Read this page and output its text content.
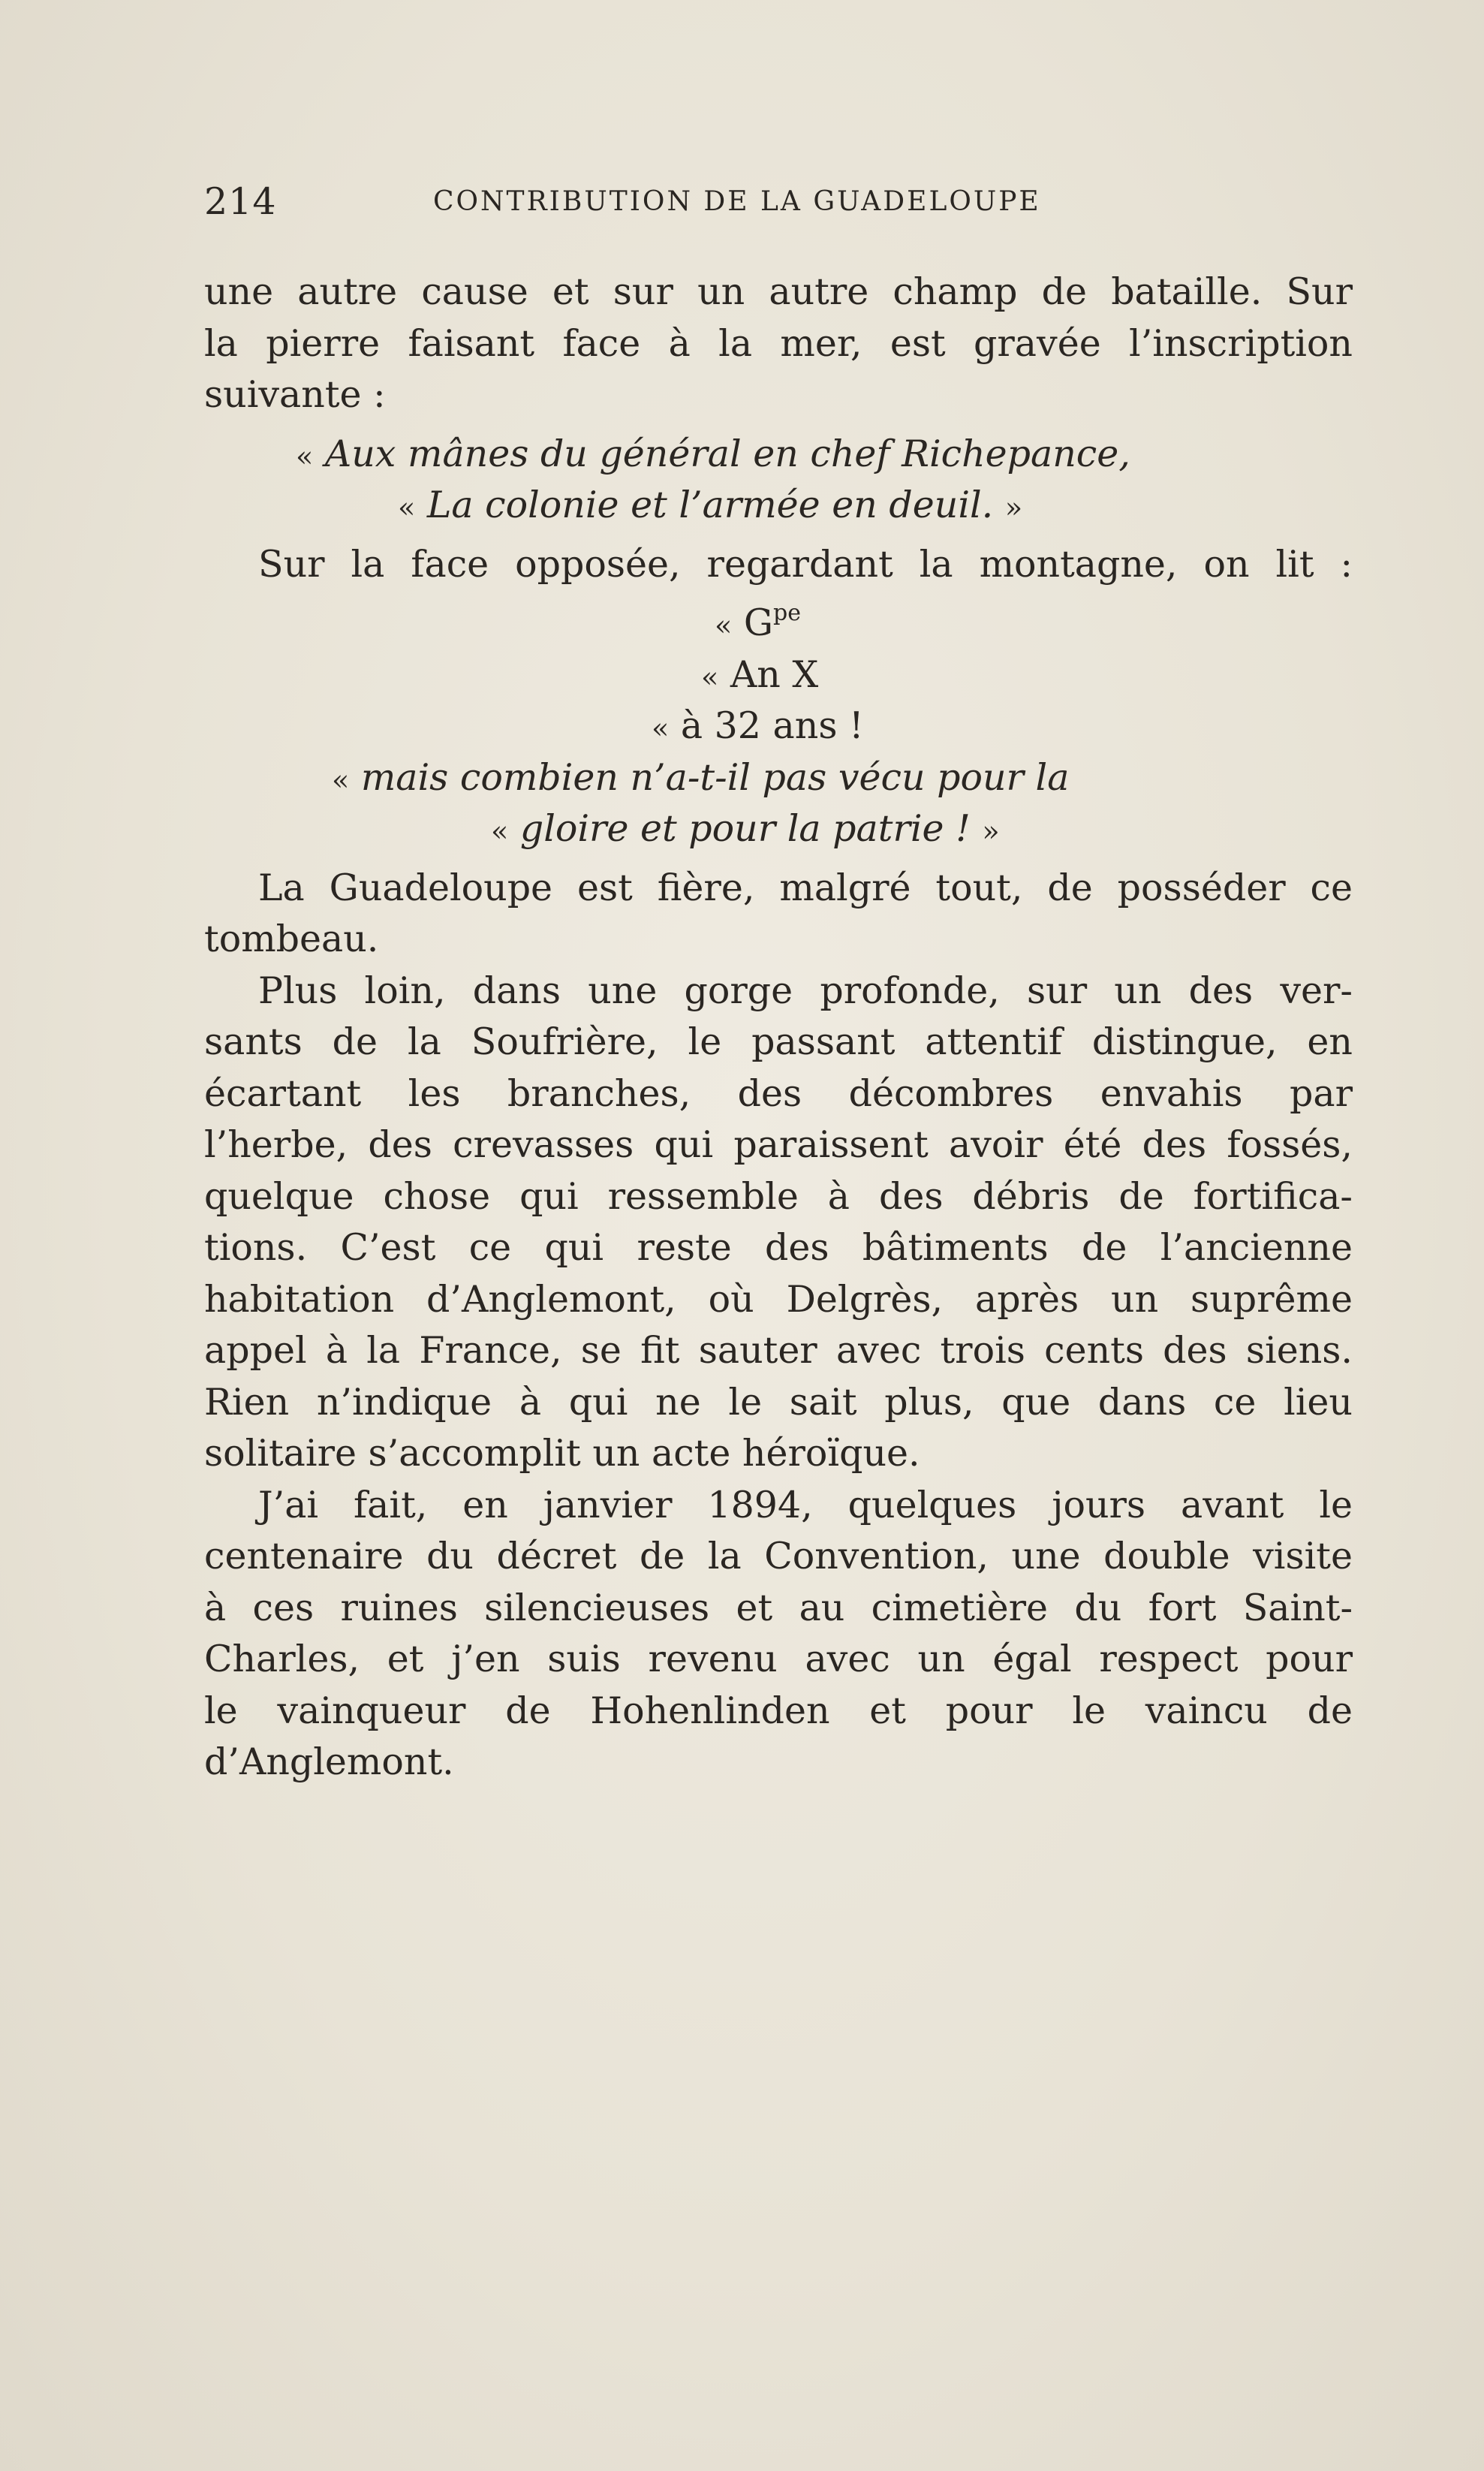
214	CONTRIBUTION DE LA GUADELOUPE
une autre cause et sur un autre champ de bataille. Sur
la pierre faisant face à la mer, est gravée l’inscription
suivante :
« Aux mânes du général en chef Richepance,
« La colonie et l’armée en deuil. »
Sur la face opposée, regardant la montagne, on lit :
« $G^{pe}$
« An X
« à 32 ans !
« mais combien n’a-t-il pas vécu pour la
« gloire et pour la patrie ! »
La Guadeloupe est fière, malgré tout, de posséder ce
tombeau.
Plus loin, dans une gorge profonde, sur un des ver-
sants de la Soufrière, le passant attentif distingue, en
écartant les branches, des décombres envahis par
l’herbe, des crevasses qui paraissent avoir été des fossés,
quelque chose qui ressemble à des débris de fortifica-
tions. C’est ce qui reste des bâtiments de l’ancienne
habitation d’Anglemont, où Delgrès, après un suprême
appel à la France, se fit sauter avec trois cents des siens.
Rien n’indique à qui ne le sait plus, que dans ce lieu
solitaire s’accomplit un acte héroïque.
J’ai fait, en janvier 1894, quelques jours avant le
centenaire du décret de la Convention, une double visite
à ces ruines silencieuses et au cimetière du fort Saint-
Charles, et j’en suis revenu avec un égal respect pour
le vainqueur de Hohenlinden et pour le vaincu de
d’Anglemont.
